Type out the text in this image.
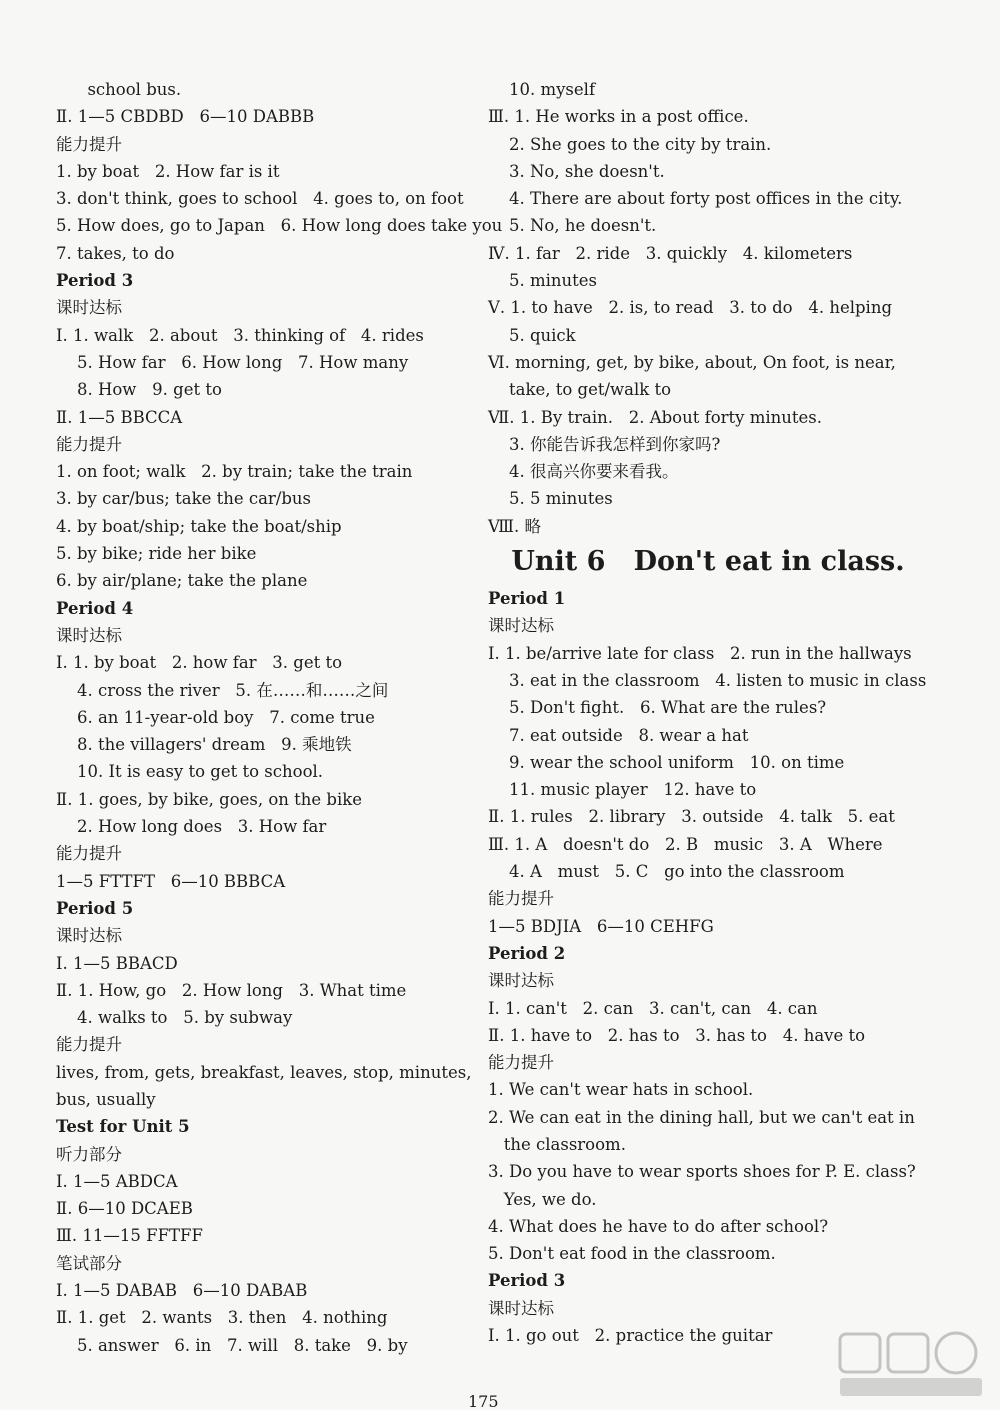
school bus.
Ⅱ. 1—5 CBDBD   6—10 DABBB
能力提升
1. by boat   2. How far is it
3. don't think, goes to school   4. goes to, on foot
5. How does, go to Japan   6. How long does take you
7. takes, to do
Period 3
课时达标
Ⅰ. 1. walk   2. about   3. thinking of   4. rides
5. How far   6. How long   7. How many
8. How   9. get to
Ⅱ. 1—5 BBCCA
能力提升
1. on foot; walk   2. by train; take the train
3. by car/bus; take the car/bus
4. by boat/ship; take the boat/ship
5. by bike; ride her bike
6. by air/plane; take the plane
Period 4
课时达标
Ⅰ. 1. by boat   2. how far   3. get to
4. cross the river   5. 在……和……之间
6. an 11-year-old boy   7. come true
8. the villagers' dream   9. 乘地铁
10. It is easy to get to school.
Ⅱ. 1. goes, by bike, goes, on the bike
2. How long does   3. How far
能力提升
1—5 FTTFT   6—10 BBBCA
Period 5
课时达标
Ⅰ. 1—5 BBACD
Ⅱ. 1. How, go   2. How long   3. What time
4. walks to   5. by subway
能力提升
lives, from, gets, breakfast, leaves, stop, minutes,
bus, usually
Test for Unit 5
听力部分
Ⅰ. 1—5 ABDCA
Ⅱ. 6—10 DCAEB
Ⅲ. 11—15 FFTFF
笔试部分
Ⅰ. 1—5 DABAB   6—10 DABAB
Ⅱ. 1. get   2. wants   3. then   4. nothing
5. answer   6. in   7. will   8. take   9. by
10. myself
Ⅲ. 1. He works in a post office.
2. She goes to the city by train.
3. No, she doesn't.
4. There are about forty post offices in the city.
5. No, he doesn't.
Ⅳ. 1. far   2. ride   3. quickly   4. kilometers
5. minutes
Ⅴ. 1. to have   2. is, to read   3. to do   4. helping
5. quick
Ⅵ. morning, get, by bike, about, On foot, is near,
take, to get/walk to
Ⅶ. 1. By train.   2. About forty minutes.
3. 你能告诉我怎样到你家吗?
4. 很高兴你要来看我。
5. 5 minutes
Ⅷ. 略
Unit 6   Don't eat in class.
Period 1
课时达标
Ⅰ. 1. be/arrive late for class   2. run in the hallways
3. eat in the classroom   4. listen to music in class
5. Don't fight.   6. What are the rules?
7. eat outside   8. wear a hat
9. wear the school uniform   10. on time
11. music player   12. have to
Ⅱ. 1. rules   2. library   3. outside   4. talk   5. eat
Ⅲ. 1. A   doesn't do   2. B   music   3. A   Where
4. A   must   5. C   go into the classroom
能力提升
1—5 BDJIA   6—10 CEHFG
Period 2
课时达标
Ⅰ. 1. can't   2. can   3. can't, can   4. can
Ⅱ. 1. have to   2. has to   3. has to   4. have to
能力提升
1. We can't wear hats in school.
2. We can eat in the dining hall, but we can't eat in
the classroom.
3. Do you have to wear sports shoes for P. E. class?
Yes, we do.
4. What does he have to do after school?
5. Don't eat food in the classroom.
Period 3
课时达标
Ⅰ. 1. go out   2. practice the guitar
175
